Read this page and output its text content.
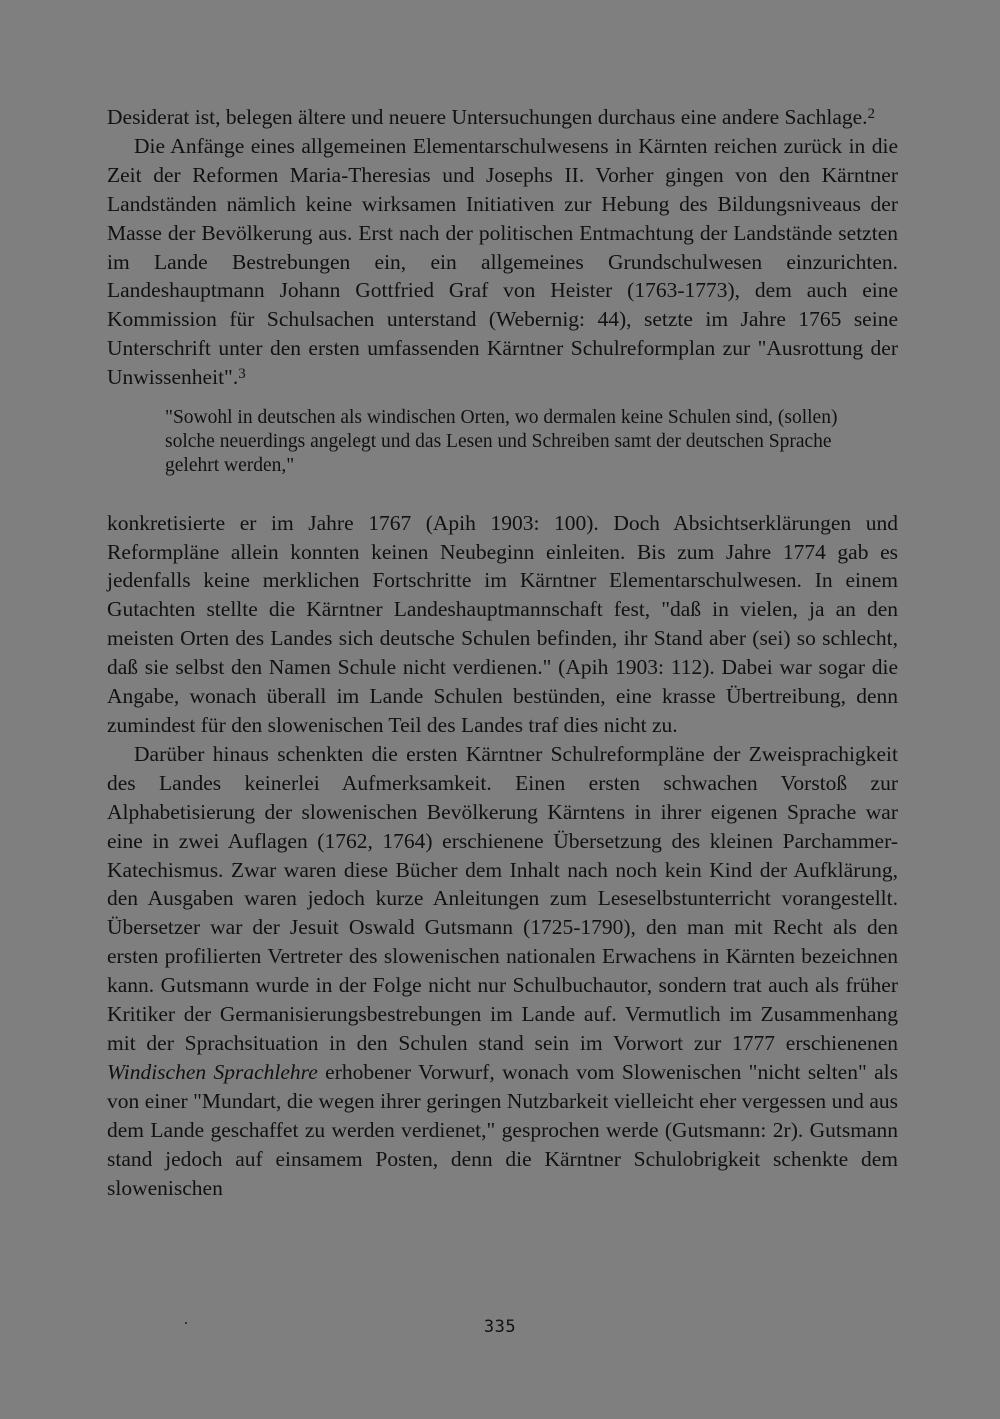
Desiderat ist, belegen ältere und neuere Untersuchungen durchaus eine andere Sachlage.$^2$

Die Anfänge eines allgemeinen Elementarschulwesens in Kärnten reichen zurück in die Zeit der Reformen Maria-Theresias und Josephs II. Vorher gingen von den Kärntner Landständen nämlich keine wirksamen Initiativen zur Hebung des Bildungsniveaus der Masse der Bevölkerung aus. Erst nach der politischen Entmachtung der Landstände setzten im Lande Bestrebungen ein, ein allgemeines Grundschulwesen einzurichten. Landeshauptmann Johann Gottfried Graf von Heister (1763-1773), dem auch eine Kommission für Schulsachen unterstand (Webernig: 44), setzte im Jahre 1765 seine Unterschrift unter den ersten umfassenden Kärntner Schulreformplan zur "Ausrottung der Unwissenheit".$^3$

"Sowohl in deutschen als windischen Orten, wo dermalen keine Schulen sind, (sollen) solche neuerdings angelegt und das Lesen und Schreiben samt der deutschen Sprache gelehrt werden,"

konkretisierte er im Jahre 1767 (Apih 1903: 100). Doch Absichtserklärungen und Reformpläne allein konnten keinen Neubeginn einleiten. Bis zum Jahre 1774 gab es jedenfalls keine merklichen Fortschritte im Kärntner Elementarschulwesen. In einem Gutachten stellte die Kärntner Landeshauptmannschaft fest, "daß in vielen, ja an den meisten Orten des Landes sich deutsche Schulen befinden, ihr Stand aber (sei) so schlecht, daß sie selbst den Namen Schule nicht verdienen." (Apih 1903: 112). Dabei war sogar die Angabe, wonach überall im Lande Schulen bestünden, eine krasse Übertreibung, denn zumindest für den slowenischen Teil des Landes traf dies nicht zu.

Darüber hinaus schenkten die ersten Kärntner Schulreformpläne der Zweisprachigkeit des Landes keinerlei Aufmerksamkeit. Einen ersten schwachen Vorstoß zur Alphabetisierung der slowenischen Bevölkerung Kärntens in ihrer eigenen Sprache war eine in zwei Auflagen (1762, 1764) erschienene Übersetzung des kleinen Parchammer-Katechismus. Zwar waren diese Bücher dem Inhalt nach noch kein Kind der Aufklärung, den Ausgaben waren jedoch kurze Anleitungen zum Leseselbstunterricht vorangestellt. Übersetzer war der Jesuit Oswald Gutsmann (1725-1790), den man mit Recht als den ersten profilierten Vertreter des slowenischen nationalen Erwachens in Kärnten bezeichnen kann. Gutsmann wurde in der Folge nicht nur Schulbuchautor, sondern trat auch als früher Kritiker der Germanisierungsbestrebungen im Lande auf. Vermutlich im Zusammenhang mit der Sprachsituation in den Schulen stand sein im Vorwort zur 1777 erschienenen Windischen Sprachlehre erhobener Vorwurf, wonach vom Slowenischen "nicht selten" als von einer "Mundart, die wegen ihrer geringen Nutzbarkeit vielleicht eher vergessen und aus dem Lande geschaffet zu werden verdienet," gesprochen werde (Gutsmann: 2r). Gutsmann stand jedoch auf einsamem Posten, denn die Kärntner Schulobrigkeit schenkte dem slowenischen

335
